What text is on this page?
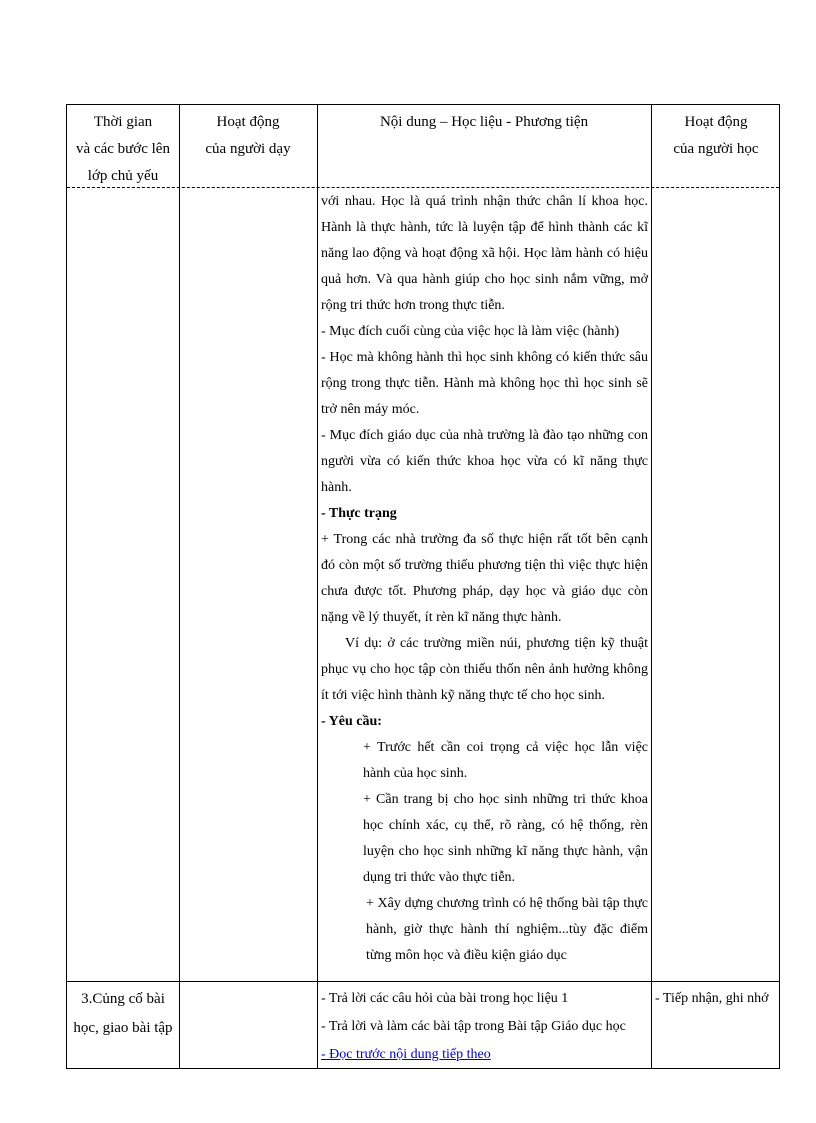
Thời gian
và các bước lên
lớp chủ yếu
Hoạt động
của người dạy
Nội dung – Học liệu - Phương tiện	Hoạt động
của người học

với nhau. Học là quá trình nhận thức chân lí khoa học. Hành là thực hành, tức là luyện tập để hình thành các kĩ năng lao động và hoạt động xã hội. Học làm hành có hiệu quả hơn. Và qua hành giúp cho học sinh nắm vững, mở rộng tri thức hơn trong thực tiễn.

- Mục đích cuối cùng của việc học là làm việc (hành)

- Học mà không hành thì học sinh không có kiến thức sâu rộng trong thực tiễn. Hành mà không học thì học sinh sẽ trở nên máy móc.

- Mục đích giáo dục của nhà trường là đào tạo những con người vừa có kiến thức khoa học vừa có kĩ năng thực hành.

- Thực trạng

+ Trong các nhà trường đa số thực hiện rất tốt bên cạnh đó còn một số trường thiếu phương tiện thì việc thực hiện chưa được tốt. Phương pháp, dạy học và giáo dục còn nặng về lý thuyết, ít rèn kĩ năng thực hành.

Ví dụ: ở các trường miền núi, phương tiện kỹ thuật phục vụ cho học tập còn thiếu thốn nên ảnh hưởng không ít tới việc hình thành kỹ năng thực tế cho học sinh.

- Yêu cầu:

+ Trước hết cần coi trọng cả việc học lẫn việc hành của học sinh.

+ Cần trang bị cho học sinh những tri thức khoa học chính xác, cụ thể, rõ ràng, có hệ thống, rèn luyện cho học sinh những kĩ năng thực hành, vận dụng tri thức vào thực tiễn.

+ Xây dựng chương trình có hệ thống bài tập thực hành, giờ thực hành thí nghiệm...tùy đặc điểm từng môn học và điều kiện giáo dục

3.Củng cố bài
học, giao bài tập
- Trả lời các câu hỏi của bài trong học liệu 1
- Trả lời và làm các bài tập trong Bài tập Giáo dục học
- Đọc trước nội dung tiếp theo
- Tiếp nhận, ghi nhớ
